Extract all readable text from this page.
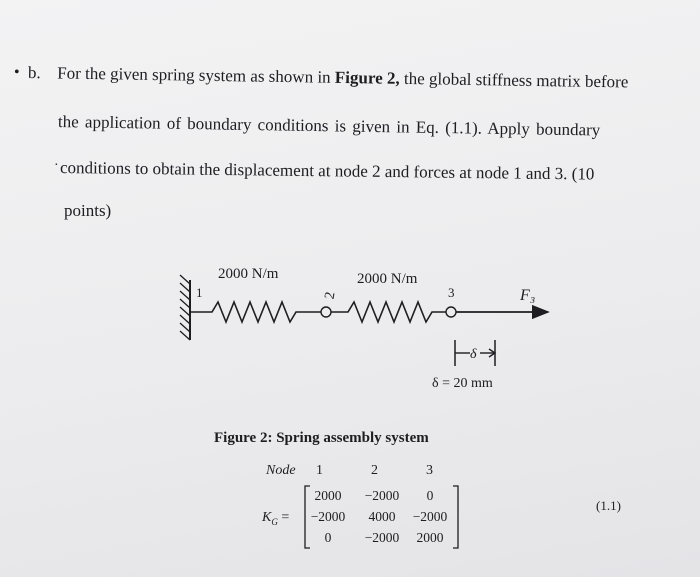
• b. For the given spring system as shown in Figure 2, the global stiffness matrix before
the application of boundary conditions is given in Eq. (1.1). Apply boundary
conditions to obtain the displacement at node 2 and forces at node 1 and 3. (10
points)
·
2000 N/m	2000 N/m
1	2	3	F₃
δ
δ = 20 mm
Figure 2: Spring assembly system
Node 1	2	3
$K_G$ =
2000	−2000	0
−2000	4000	−2000
0	−2000	2000
(1.1)
